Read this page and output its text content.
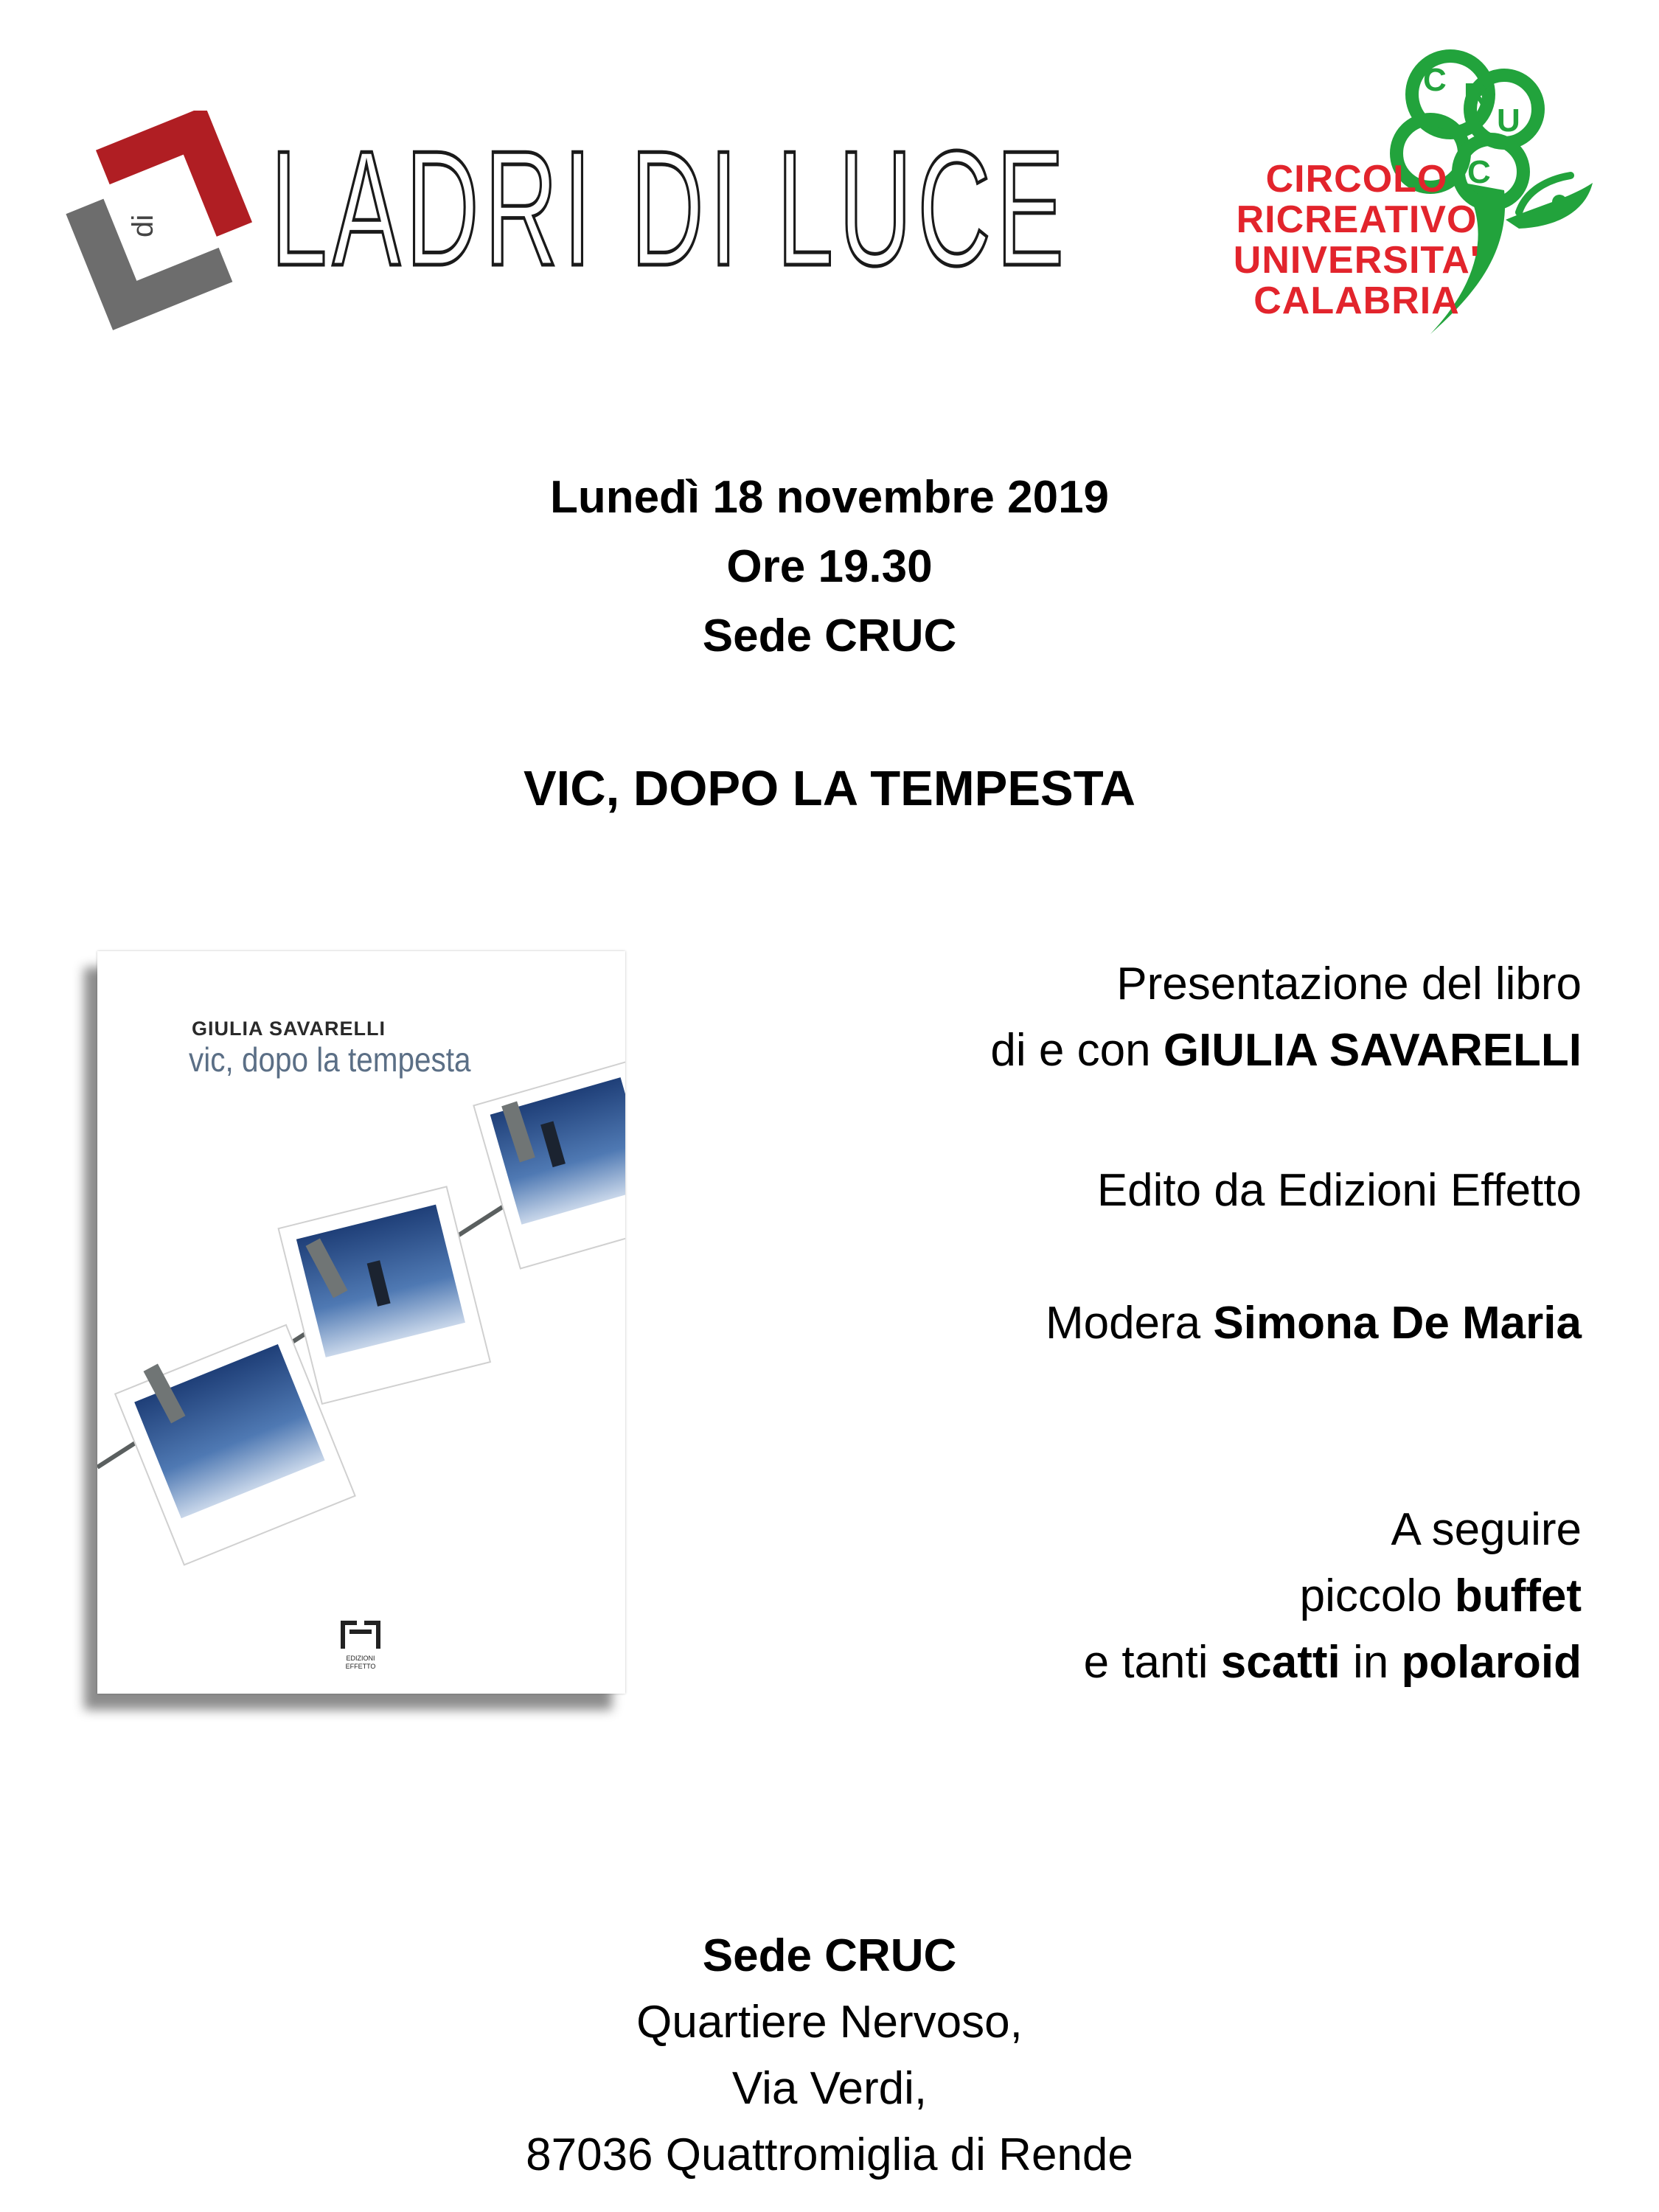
di LADRI DI LUCE
C R
U
C
CIRCOLO
RICREATIVO
UNIVERSITA'
CALABRIA
Lunedì 18 novembre 2019
Ore 19.30
Sede CRUC
VIC, DOPO LA TEMPESTA
GIULIA SAVARELLI
vic, dopo la tempesta
EDIZIONI
EFFETTO
Presentazione del libro
di e con GIULIA SAVARELLI
Edito da Edizioni Effetto
Modera Simona De Maria
A seguire
piccolo buffet
e tanti scatti in polaroid
Sede CRUC
Quartiere Nervoso,
Via Verdi,
87036 Quattromiglia di Rende
